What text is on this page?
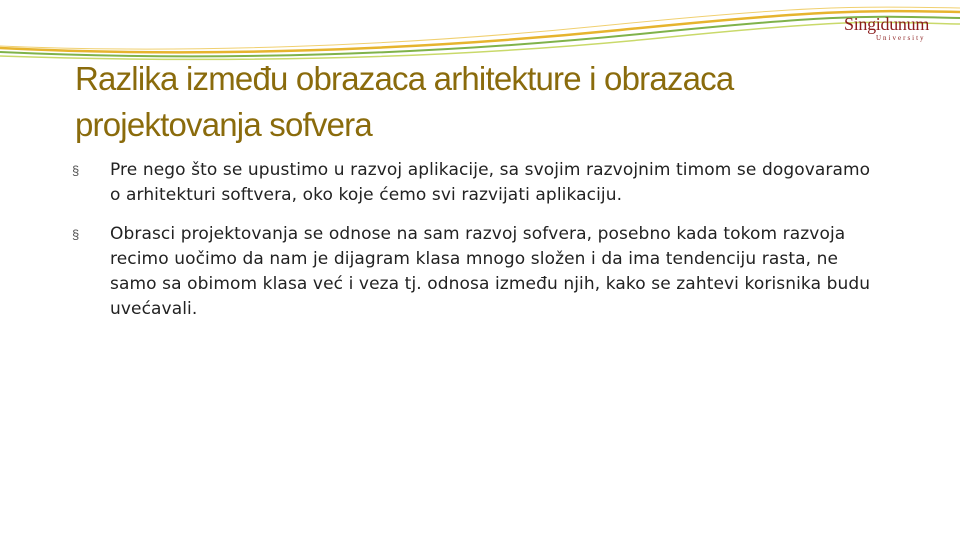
Singidunum
University
Razlika između obrazaca arhitekture i obrazaca projektovanja sofvera
§ Pre nego što se upustimo u razvoj aplikacije, sa svojim razvojnim timom se dogovaramo o arhitekturi softvera, oko koje ćemo svi razvijati aplikaciju.
§ Obrasci projektovanja se odnose na sam razvoj sofvera, posebno kada tokom razvoja recimo uočimo da nam je dijagram klasa mnogo složen i da ima tendenciju rasta, ne samo sa obimom klasa već i veza tj. odnosa između njih, kako se zahtevi korisnika budu uvećavali.
